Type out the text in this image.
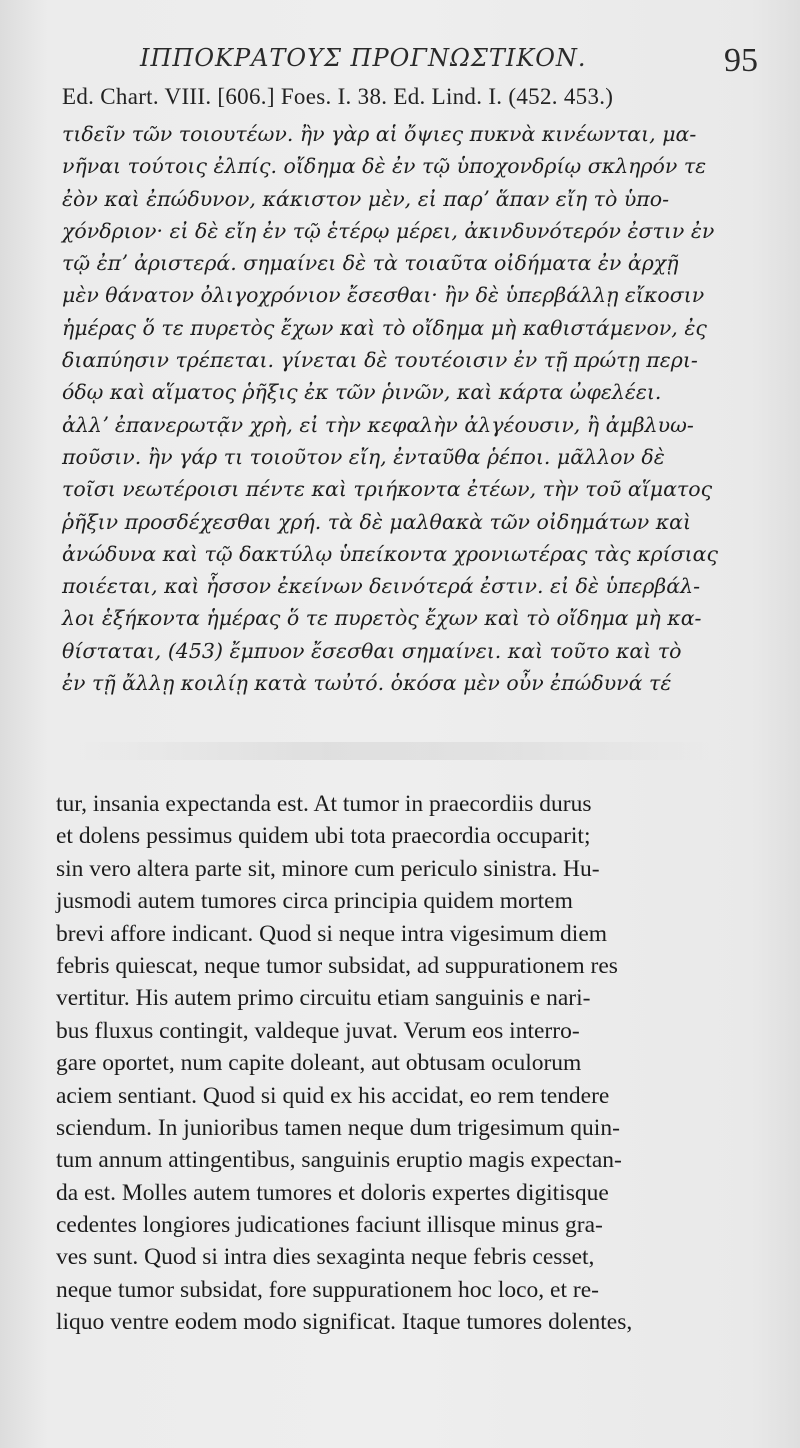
ΙΠΠΟΚΡΑΤΟΥΣ ΠΡΟΓΝΩΣΤΙΚΟΝ.	95
Ed. Chart. VIII. [606.] Foes. I. 38. Ed. Lind. I. (452. 453.)
τιδεῖν τῶν τοιουτέων. ἢν γὰρ αἱ ὄψιες πυκνὰ κινέωνται, μα-
νῆναι τούτοις ἐλπίς. οἴδημα δὲ ἐν τῷ ὑποχονδρίῳ σκληρόν τε
ἐὸν καὶ ἐπώδυνον, κάκιστον μὲν, εἰ παρʼ ἅπαν εἴη τὸ ὑπο-
χόνδριον· εἰ δὲ εἴη ἐν τῷ ἑτέρῳ μέρει, ἀκινδυνότερόν ἐστιν ἐν
τῷ ἐπʼ ἀριστερά. σημαίνει δὲ τὰ τοιαῦτα οἰδήματα ἐν ἀρχῇ
μὲν θάνατον ὀλιγοχρόνιον ἔσεσθαι· ἢν δὲ ὑπερβάλλῃ εἴκοσιν
ἡμέρας ὅ τε πυρετὸς ἔχων καὶ τὸ οἴδημα μὴ καθιστάμενον, ἐς
διαπύησιν τρέπεται. γίνεται δὲ τουτέοισιν ἐν τῇ πρώτῃ περι-
όδῳ καὶ αἵματος ῥῆξις ἐκ τῶν ῥινῶν, καὶ κάρτα ὠφελέει.
ἀλλʼ ἐπανερωτᾷν χρὴ, εἰ τὴν κεφαλὴν ἀλγέουσιν, ἢ ἀμβλυω-
ποῦσιν. ἢν γάρ τι τοιοῦτον εἴη, ἐνταῦθα ῥέποι. μᾶλλον δὲ
τοῖσι νεωτέροισι πέντε καὶ τριήκοντα ἐτέων, τὴν τοῦ αἵματος
ῥῆξιν προσδέχεσθαι χρή. τὰ δὲ μαλθακὰ τῶν οἰδημάτων καὶ
ἀνώδυνα καὶ τῷ δακτύλῳ ὑπείκοντα χρονιωτέρας τὰς κρίσιας
ποιέεται, καὶ ἧσσον ἐκείνων δεινότερά ἐστιν. εἰ δὲ ὑπερβάλ-
λοι ἑξήκοντα ἡμέρας ὅ τε πυρετὸς ἔχων καὶ τὸ οἴδημα μὴ κα-
θίσταται, (453) ἔμπυον ἔσεσθαι σημαίνει. καὶ τοῦτο καὶ τὸ
ἐν τῇ ἄλλῃ κοιλίῃ κατὰ τωὐτό. ὁκόσα μὲν οὖν ἐπώδυνά τέ
tur, insania expectanda est. At tumor in praecordiis durus
et dolens pessimus quidem ubi tota praecordia occuparit;
sin vero altera parte sit, minore cum periculo sinistra. Hu-
jusmodi autem tumores circa principia quidem mortem
brevi affore indicant. Quod si neque intra vigesimum diem
febris quiescat, neque tumor subsidat, ad suppurationem res
vertitur. His autem primo circuitu etiam sanguinis e nari-
bus fluxus contingit, valdeque juvat. Verum eos interro-
gare oportet, num capite doleant, aut obtusam oculorum
aciem sentiant. Quod si quid ex his accidat, eo rem tendere
sciendum. In junioribus tamen neque dum trigesimum quin-
tum annum attingentibus, sanguinis eruptio magis expectan-
da est. Molles autem tumores et doloris expertes digitisque
cedentes longiores judicationes faciunt illisque minus gra-
ves sunt. Quod si intra dies sexaginta neque febris cesset,
neque tumor subsidat, fore suppurationem hoc loco, et re-
liquo ventre eodem modo significat. Itaque tumores dolentes,
